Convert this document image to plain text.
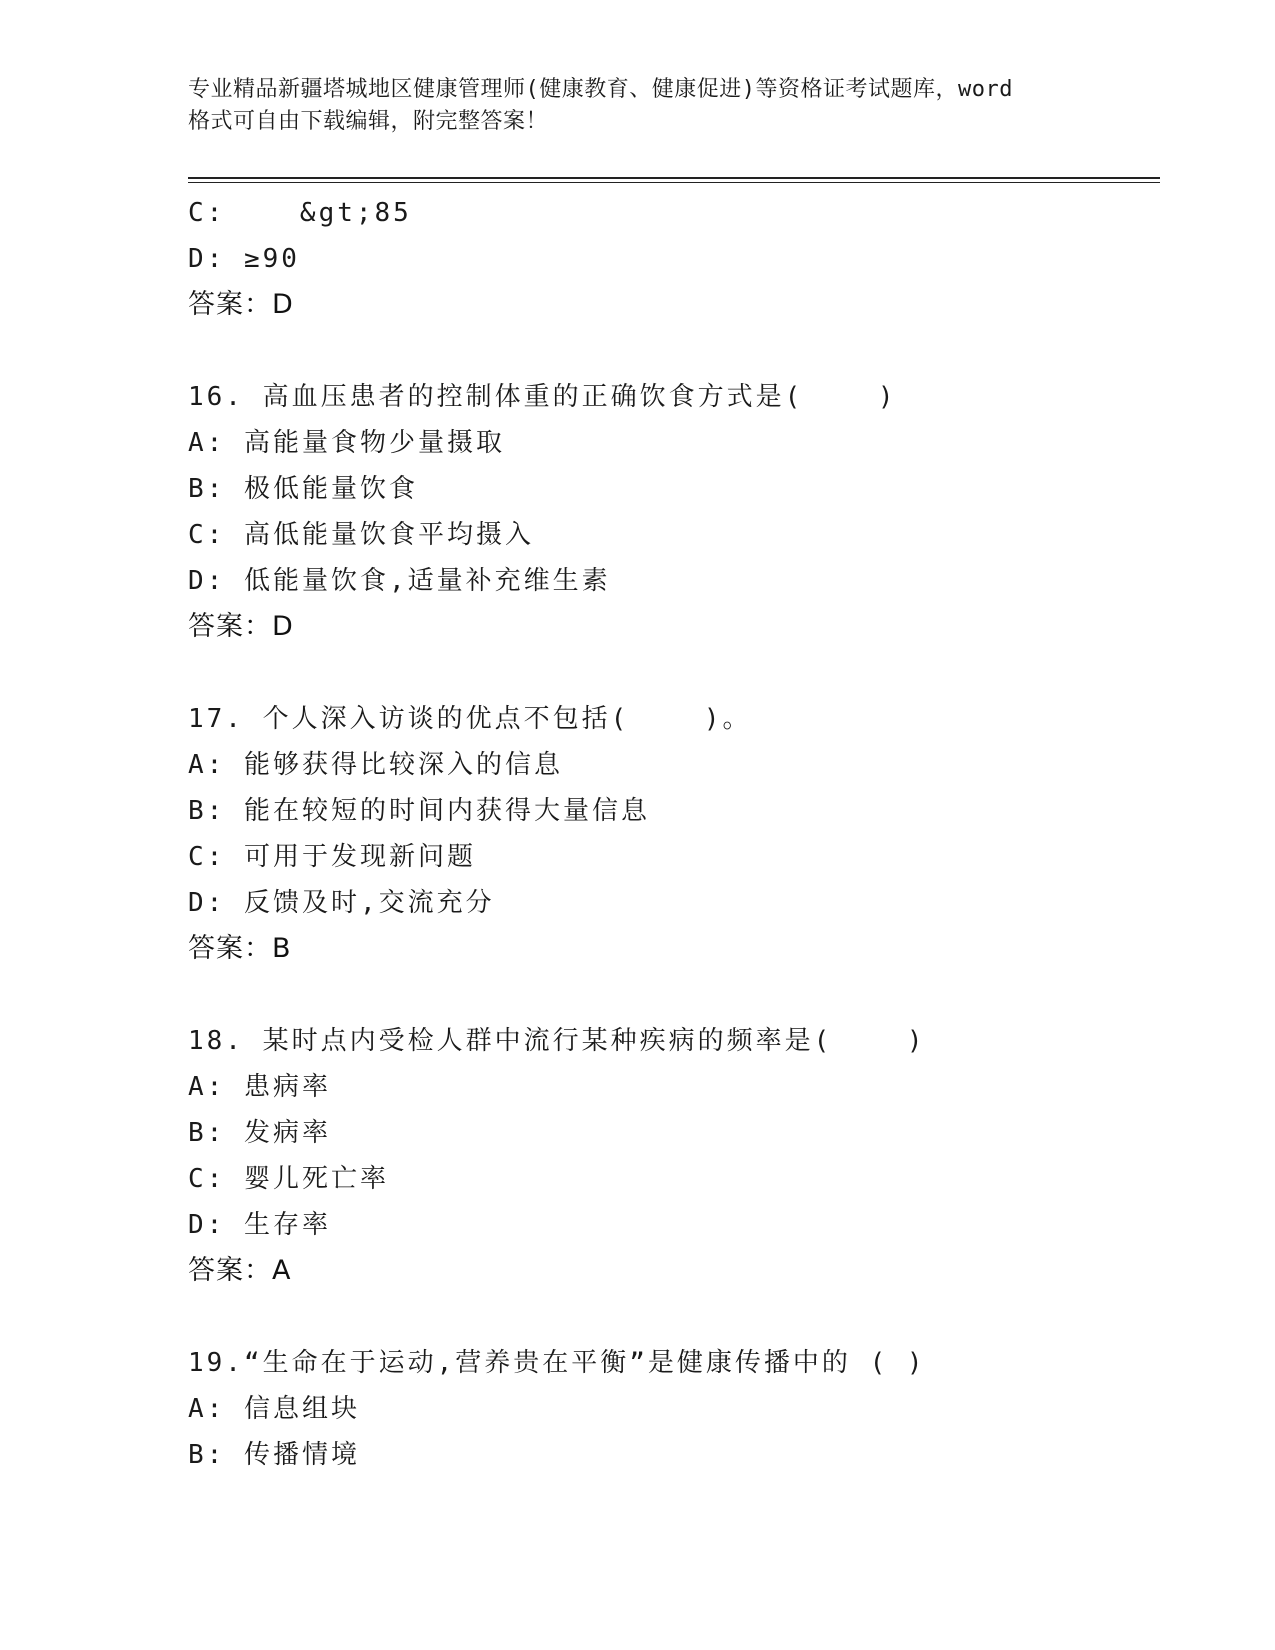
专业精品新疆塔城地区健康管理师(健康教育、健康促进)等资格证考试题库，word
格式可自由下载编辑，附完整答案！
C:    &gt;85
D: ≥90
答案：D
16. 高血压患者的控制体重的正确饮食方式是(    )
A: 高能量食物少量摄取
B: 极低能量饮食
C: 高低能量饮食平均摄入
D: 低能量饮食,适量补充维生素
答案：D
17. 个人深入访谈的优点不包括(    )。
A: 能够获得比较深入的信息
B: 能在较短的时间内获得大量信息
C: 可用于发现新问题
D: 反馈及时,交流充分
答案：B
18. 某时点内受检人群中流行某种疾病的频率是(    )
A: 患病率
B: 发病率
C: 婴儿死亡率
D: 生存率
答案：A
19.“生命在于运动,营养贵在平衡”是健康传播中的 ( )
A: 信息组块
B: 传播情境
